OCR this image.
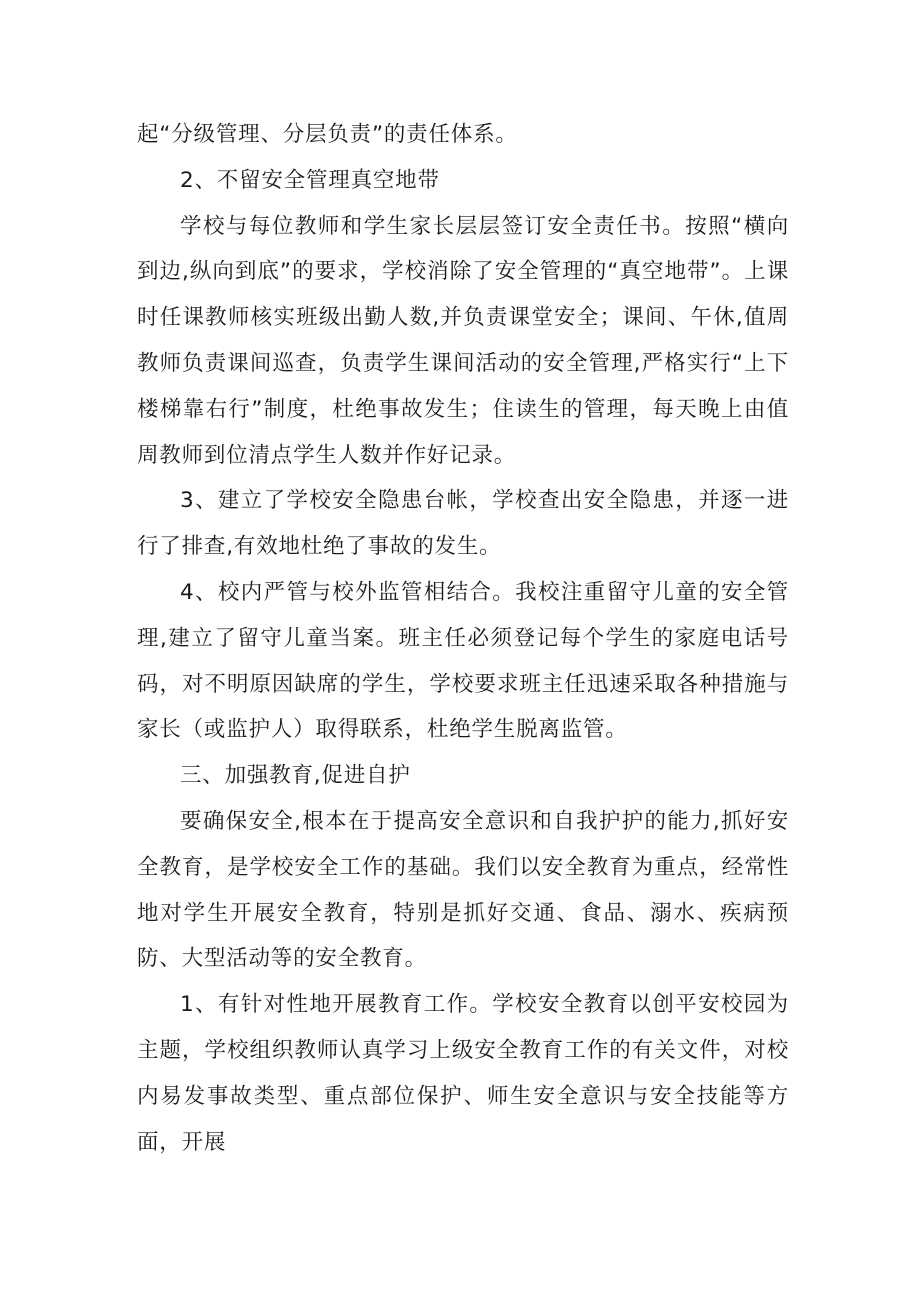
起“分级管理、分层负责”的责任体系。

2、不留安全管理真空地带

学校与每位教师和学生家长层层签订安全责任书。按照“横向到边,纵向到底”的要求，学校消除了安全管理的“真空地带”。上课时任课教师核实班级出勤人数,并负责课堂安全；课间、午休,值周教师负责课间巡查，负责学生课间活动的安全管理,严格实行“上下楼梯靠右行”制度，杜绝事故发生；住读生的管理，每天晚上由值周教师到位清点学生人数并作好记录。

3、建立了学校安全隐患台帐，学校查出安全隐患，并逐一进行了排查,有效地杜绝了事故的发生。

4、校内严管与校外监管相结合。我校注重留守儿童的安全管理,建立了留守儿童当案。班主任必须登记每个学生的家庭电话号码，对不明原因缺席的学生，学校要求班主任迅速采取各种措施与家长（或监护人）取得联系，杜绝学生脱离监管。

三、加强教育,促进自护

要确保安全,根本在于提高安全意识和自我护护的能力,抓好安全教育，是学校安全工作的基础。我们以安全教育为重点，经常性地对学生开展安全教育，特别是抓好交通、食品、溺水、疾病预防、大型活动等的安全教育。

1、有针对性地开展教育工作。学校安全教育以创平安校园为主题，学校组织教师认真学习上级安全教育工作的有关文件，对校内易发事故类型、重点部位保护、师生安全意识与安全技能等方面，开展
